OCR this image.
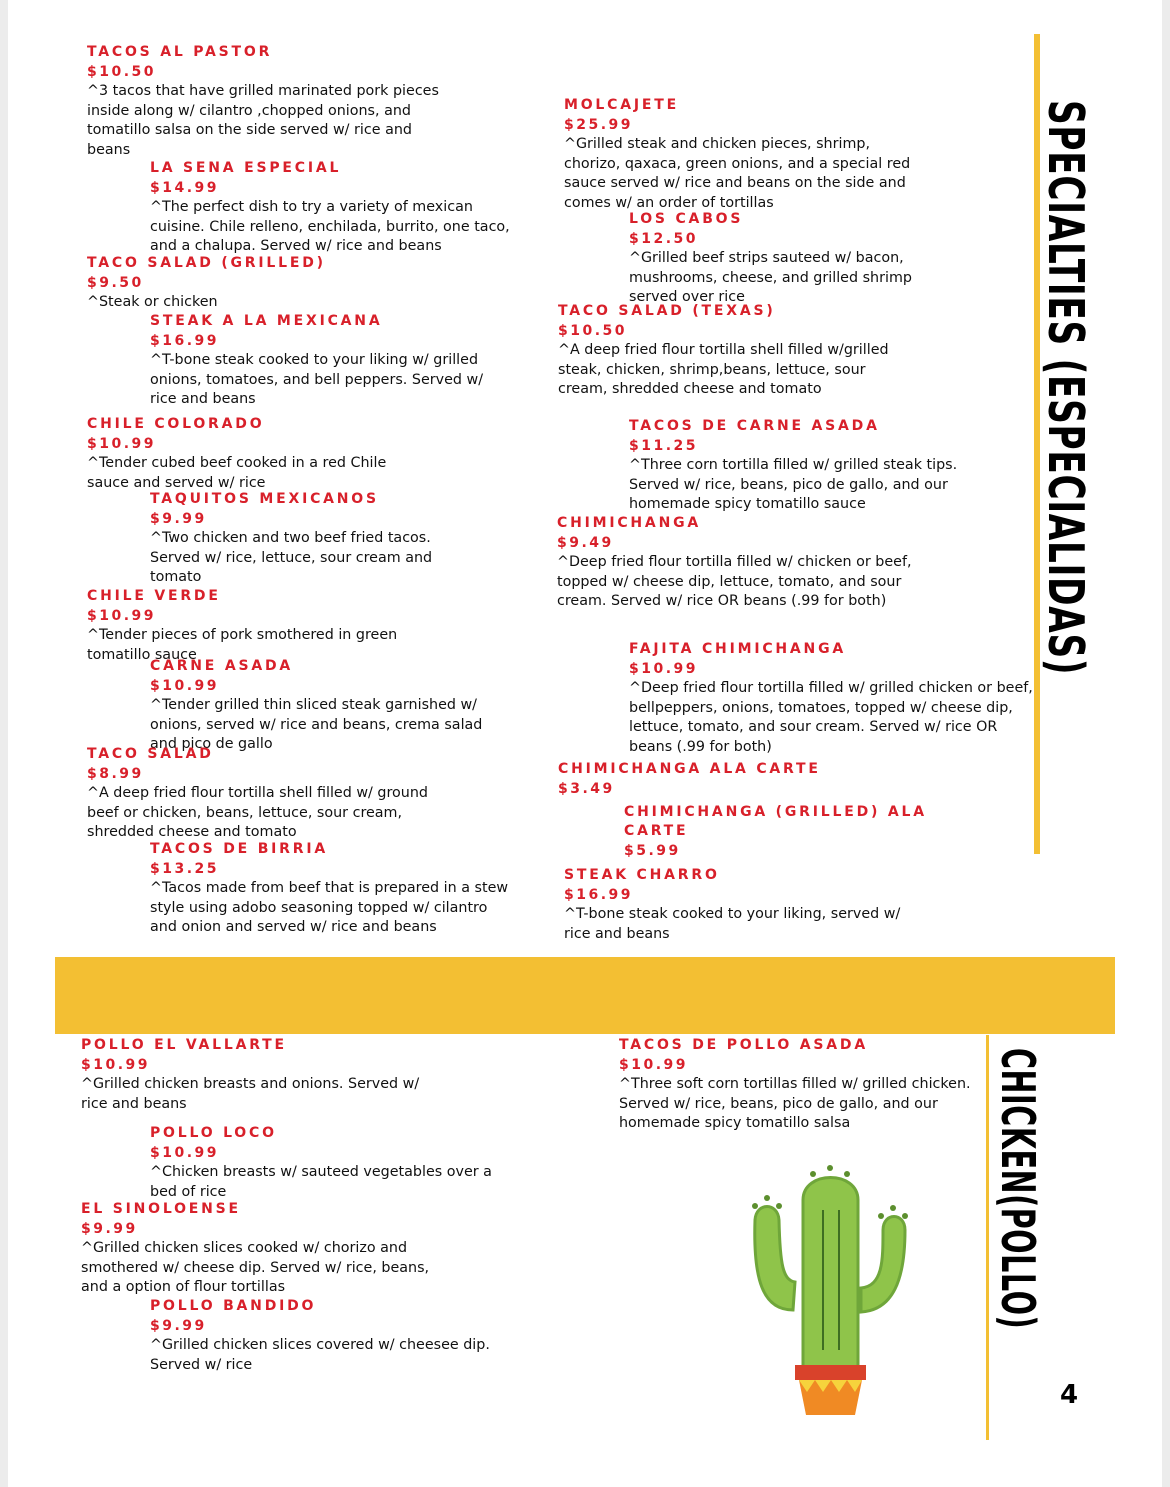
TACOS AL PASTOR
$10.50
^3 tacos that have grilled marinated pork pieces inside along w/ cilantro ,chopped onions, and tomatillo salsa on the side served w/ rice and beans
LA SENA ESPECIAL
$14.99
^The perfect dish to try a variety of mexican cuisine. Chile relleno, enchilada, burrito, one taco, and a chalupa. Served w/ rice and beans
TACO SALAD (GRILLED)
$9.50
^Steak or chicken
STEAK A LA MEXICANA
$16.99
^T-bone steak cooked to your liking w/ grilled onions, tomatoes, and bell peppers. Served w/ rice and beans
CHILE COLORADO
$10.99
^Tender cubed beef cooked in a red Chile sauce and served w/ rice
TAQUITOS MEXICANOS
$9.99
^Two chicken and two beef fried tacos. Served w/ rice, lettuce, sour cream and tomato
CHILE VERDE
$10.99
^Tender pieces of pork smothered in green tomatillo sauce
CARNE ASADA
$10.99
^Tender grilled thin sliced steak garnished w/ onions, served w/ rice and beans, crema salad and pico de gallo
TACO SALAD
$8.99
^A deep fried flour tortilla shell filled w/ ground beef or chicken, beans, lettuce, sour cream, shredded cheese and tomato
TACOS DE BIRRIA
$13.25
^Tacos made from beef that is prepared in a stew style using adobo seasoning topped w/ cilantro and onion and served w/ rice and beans
MOLCAJETE
$25.99
^Grilled steak and chicken pieces, shrimp, chorizo, qaxaca, green onions, and a special red sauce served w/ rice and beans on the side and comes w/ an order of tortillas
LOS CABOS
$12.50
^Grilled beef strips sauteed w/ bacon, mushrooms, cheese, and grilled shrimp served over rice
TACO SALAD (TEXAS)
$10.50
^A deep fried flour tortilla shell filled w/grilled steak, chicken, shrimp,beans, lettuce, sour cream, shredded cheese and tomato
TACOS DE CARNE ASADA
$11.25
^Three corn tortilla filled w/ grilled steak tips. Served w/ rice, beans, pico de gallo, and our homemade spicy tomatillo sauce
CHIMICHANGA
$9.49
^Deep fried flour tortilla filled w/ chicken or beef, topped w/ cheese dip, lettuce, tomato, and sour cream. Served w/ rice OR beans (.99 for both)
FAJITA CHIMICHANGA
$10.99
^Deep fried flour tortilla filled w/ grilled chicken or beef, bellpeppers, onions, tomatoes, topped w/ cheese dip, lettuce, tomato, and sour cream. Served w/ rice OR beans (.99 for both)
CHIMICHANGA ALA CARTE
$3.49
CHIMICHANGA (GRILLED) ALA CARTE
$5.99
STEAK CHARRO
$16.99
^T-bone steak cooked to your liking, served w/ rice and beans
SPECIALTIES (ESPECIALIDAS)
POLLO EL VALLARTE
$10.99
^Grilled chicken breasts and onions. Served w/ rice and beans
POLLO LOCO
$10.99
^Chicken breasts w/ sauteed vegetables over a bed of rice
EL SINOLOENSE
$9.99
^Grilled chicken slices cooked w/ chorizo and smothered w/ cheese dip. Served w/ rice, beans, and a option of flour tortillas
POLLO BANDIDO
$9.99
^Grilled chicken slices covered w/ cheesee dip. Served w/ rice
TACOS DE POLLO ASADA
$10.99
^Three soft corn tortillas filled w/ grilled chicken. Served w/ rice, beans, pico de gallo, and our homemade spicy tomatillo salsa	CHICKEN(POLLO)
4
